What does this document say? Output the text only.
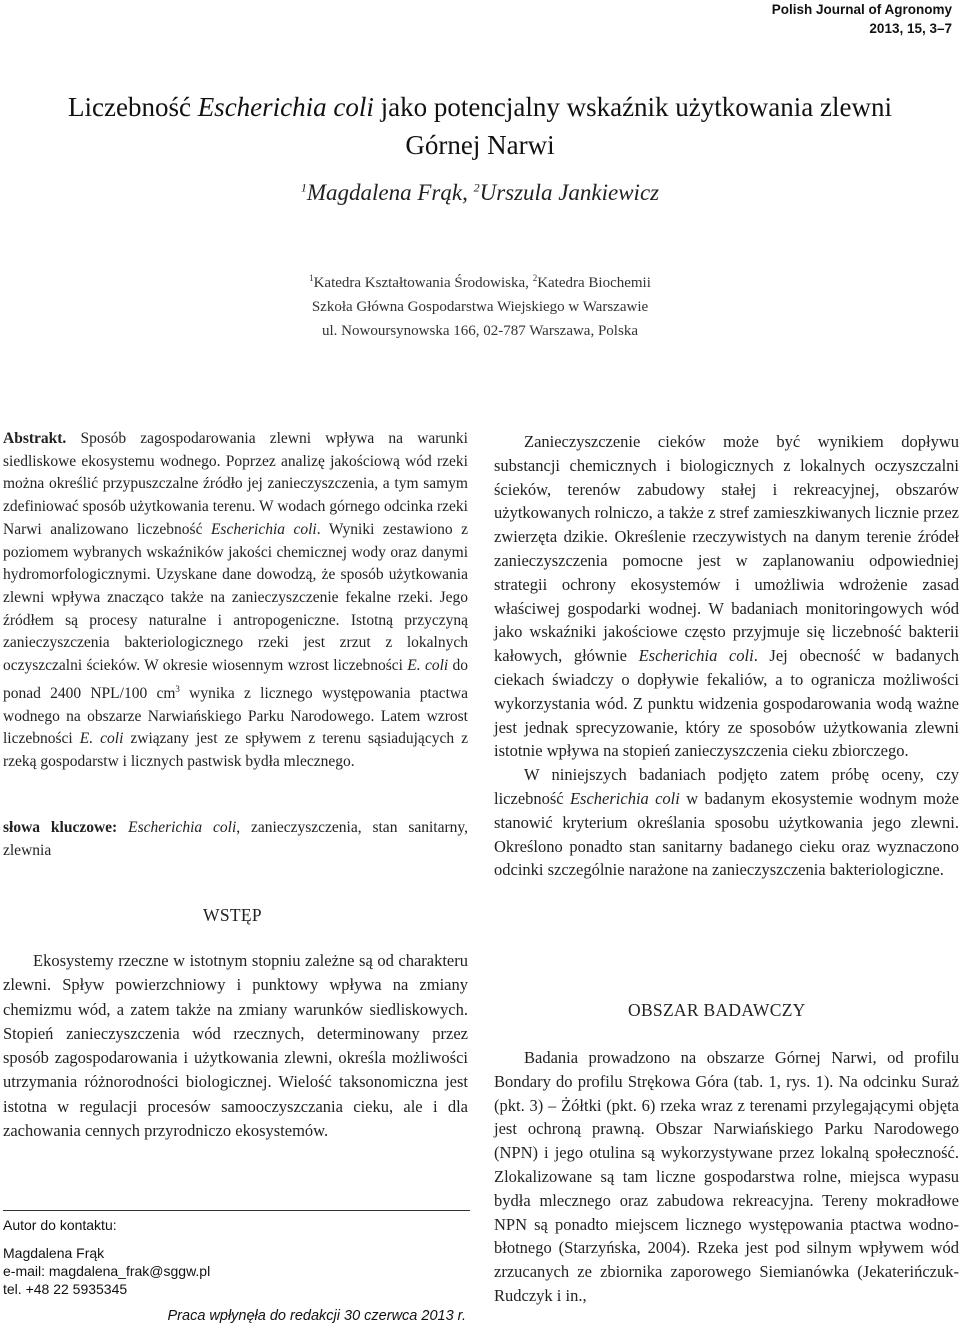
Polish Journal of Agronomy
2013, 15, 3–7
Liczebność Escherichia coli jako potencjalny wskaźnik użytkowania zlewni
Górnej Narwi
$^1$Magdalena Frąk, $^2$Urszula Jankiewicz
$^1$Katedra Kształtowania Środowiska, $^2$Katedra Biochemii
Szkoła Główna Gospodarstwa Wiejskiego w Warszawie
ul. Nowoursynowska 166, 02-787 Warszawa, Polska

Abstrakt. Sposób zagospodarowania zlewni wpływa na warunki siedliskowe ekosystemu wodnego. Poprzez analizę jakościową wód rzeki można określić przypuszczalne źródło jej zanieczyszczenia, a tym samym zdefiniować sposób użytkowania terenu. W wodach górnego odcinka rzeki Narwi analizowano liczebność Escherichia coli. Wyniki zestawiono z poziomem wybranych wskaźników jakości chemicznej wody oraz danymi hydromorfologicznymi. Uzyskane dane dowodzą, że sposób użytkowania zlewni wpływa znacząco także na zanieczyszczenie fekalne rzeki. Jego źródłem są procesy naturalne i antropogeniczne. Istotną przyczyną zanieczyszczenia bakteriologicznego rzeki jest zrzut z lokalnych oczyszczalni ścieków. W okresie wiosennym wzrost liczebności E. coli do ponad 2400 NPL/100 $cm^3$ wynika z licznego występowania ptactwa wodnego na obszarze Narwiańskiego Parku Narodowego. Latem wzrost liczebności E. coli związany jest ze spływem z terenu sąsiadujących z rzeką gospodarstw i licznych pastwisk bydła mlecznego.

słowa kluczowe: Escherichia coli, zanieczyszczenia, stan sanitarny, zlewnia

WSTĘP

Ekosystemy rzeczne w istotnym stopniu zależne są od charakteru zlewni. Spływ powierzchniowy i punktowy wpływa na zmiany chemizmu wód, a zatem także na zmiany warunków siedliskowych. Stopień zanieczyszczenia wód rzecznych, determinowany przez sposób zagospodarowania i użytkowania zlewni, określa możliwości utrzymania różnorodności biologicznej. Wielość taksonomiczna jest istotna w regulacji procesów samooczyszczania cieku, ale i dla zachowania cennych przyrodniczo ekosystemów.

Zanieczyszczenie cieków może być wynikiem dopływu substancji chemicznych i biologicznych z lokalnych oczyszczalni ścieków, terenów zabudowy stałej i rekreacyjnej, obszarów użytkowanych rolniczo, a także z stref zamieszkiwanych licznie przez zwierzęta dzikie. Określenie rzeczywistych na danym terenie źródeł zanieczyszczenia pomocne jest w zaplanowaniu odpowiedniej strategii ochrony ekosystemów i umożliwia wdrożenie zasad właściwej gospodarki wodnej. W badaniach monitoringowych wód jako wskaźniki jakościowe często przyjmuje się liczebność bakterii kałowych, głównie Escherichia coli. Jej obecność w badanych ciekach świadczy o dopływie fekaliów, a to ogranicza możliwości wykorzystania wód. Z punktu widzenia gospodarowania wodą ważne jest jednak sprecyzowanie, który ze sposobów użytkowania zlewni istotnie wpływa na stopień zanieczyszczenia cieku zbiorczego.

W niniejszych badaniach podjęto zatem próbę oceny, czy liczebność Escherichia coli w badanym ekosystemie wodnym może stanowić kryterium określania sposobu użytkowania jego zlewni. Określono ponadto stan sanitarny badanego cieku oraz wyznaczono odcinki szczególnie narażone na zanieczyszczenia bakteriologiczne.

OBSZAR BADAWCZY

Badania prowadzono na obszarze Górnej Narwi, od profilu Bondary do profilu Strękowa Góra (tab. 1, rys. 1). Na odcinku Suraż (pkt. 3) – Żółtki (pkt. 6) rzeka wraz z terenami przylegającymi objęta jest ochroną prawną. Obszar Narwiańskiego Parku Narodowego (NPN) i jego otulina są wykorzystywane przez lokalną społeczność. Zlokalizowane są tam liczne gospodarstwa rolne, miejsca wypasu bydła mlecznego oraz zabudowa rekreacyjna. Tereny mokradłowe NPN są ponadto miejscem licznego występowania ptactwa wodno-błotnego (Starzyńska, 2004). Rzeka jest pod silnym wpływem wód zrzucanych ze zbiornika zaporowego Siemianówka (Jekaterińczuk-Rudczyk i in.,

Autor do kontaktu:
Magdalena Frąk
e-mail: magdalena_frak@sggw.pl
tel. +48 22 5935345
Praca wpłynęła do redakcji 30 czerwca 2013 r.
